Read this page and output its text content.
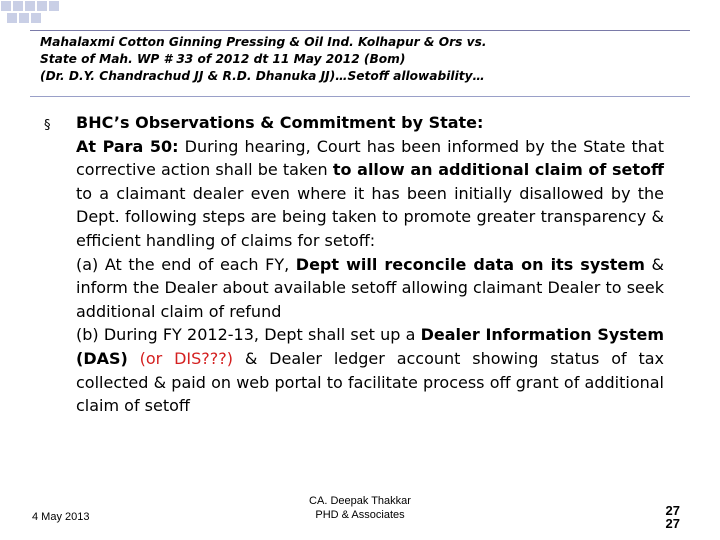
Mahalaxmi Cotton Ginning Pressing & Oil Ind. Kolhapur & Ors vs.
State of Mah. WP # 33 of 2012 dt 11 May 2012 (Bom)
(Dr. D.Y. Chandrachud JJ & R.D. Dhanuka JJ)…Setoff allowability…
§ BHC’s Observations & Commitment by State:

At Para 50: During hearing, Court has been informed by the State that corrective action shall be taken to allow an additional claim of setoff to a claimant dealer even where it has been initially disallowed by the Dept. following steps are being taken to promote greater transparency & efficient handling of claims for setoff:

(a) At the end of each FY, Dept will reconcile data on its system & inform the Dealer about available setoff allowing claimant Dealer to seek additional claim of refund

(b) During FY 2012-13, Dept shall set up a Dealer Information System (DAS) (or DIS???) & Dealer ledger account showing status of tax collected & paid on web portal to facilitate process off grant of additional claim of setoff

4 May 2013
CA. Deepak Thakkar
PHD & Associates	27
27
